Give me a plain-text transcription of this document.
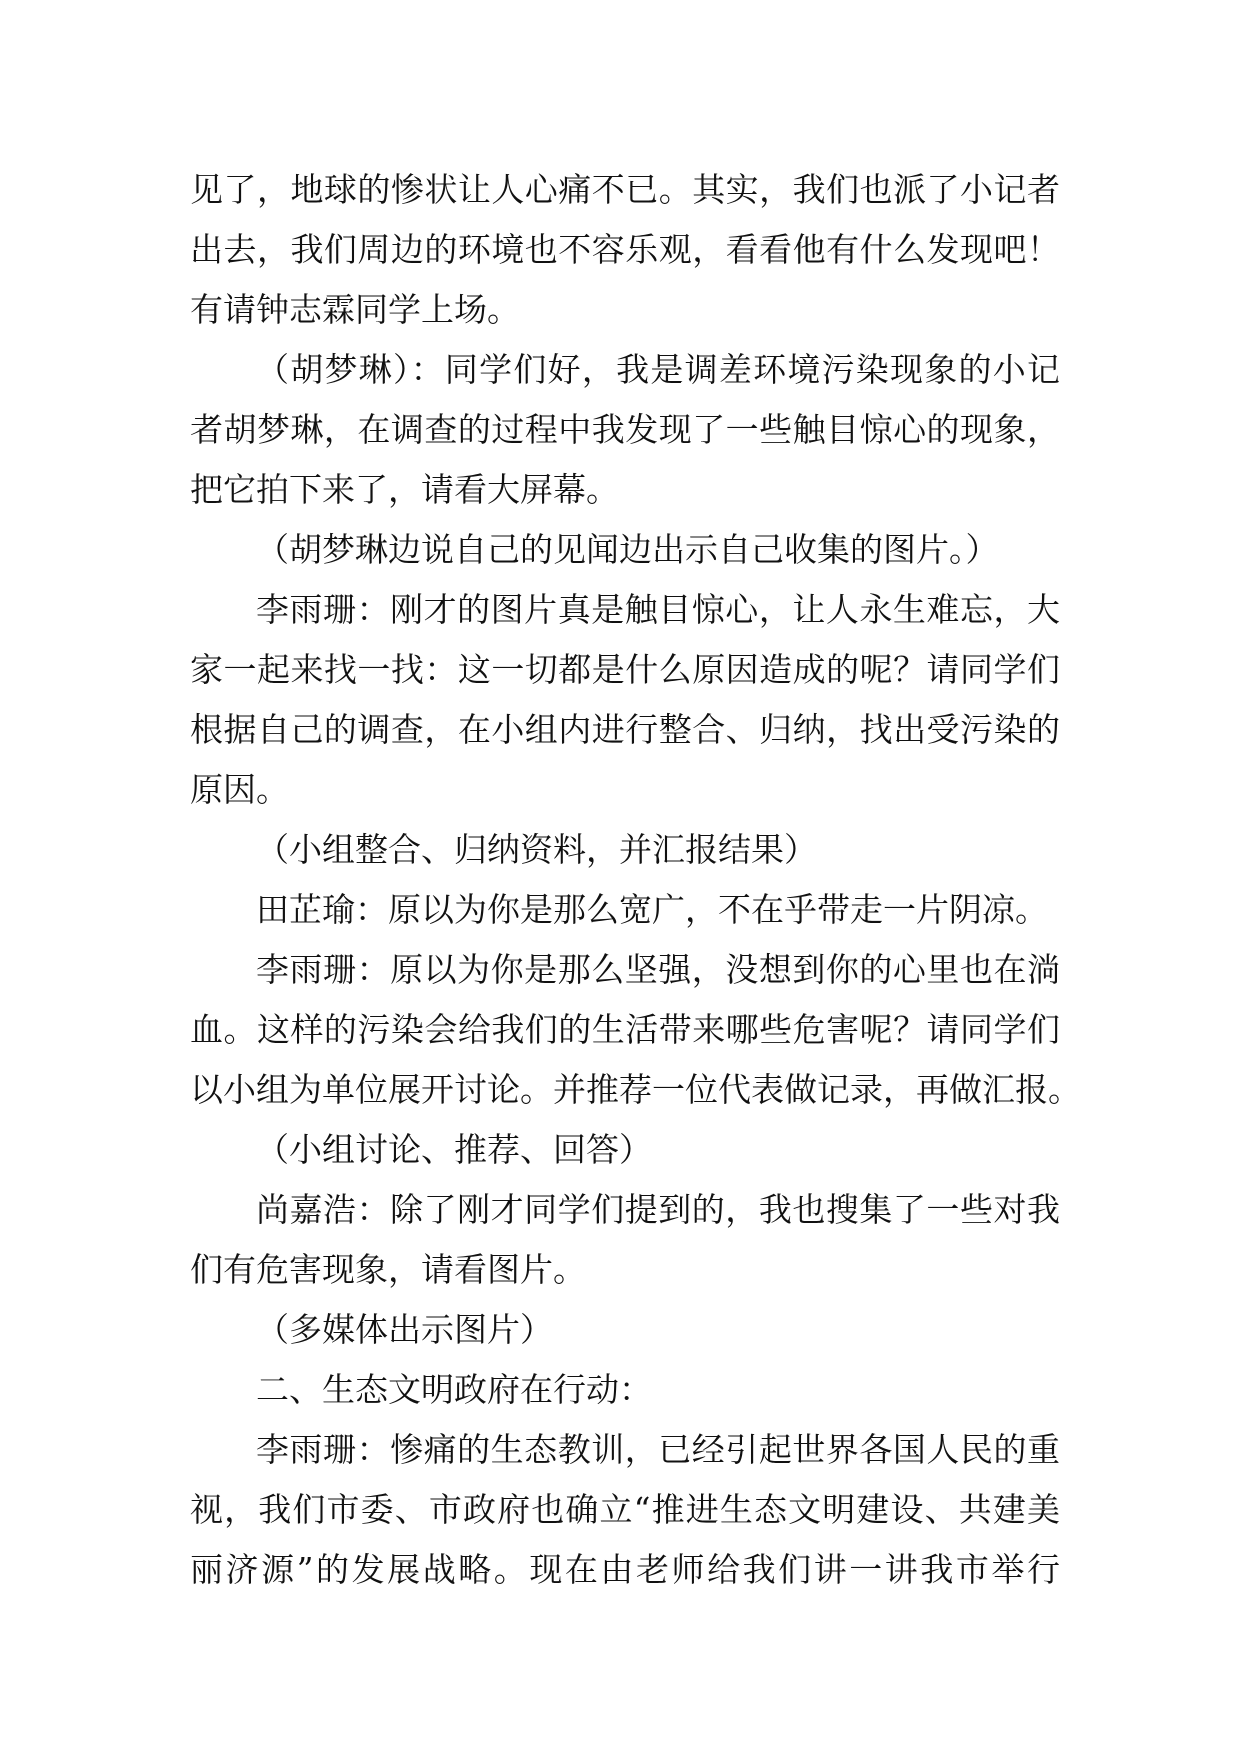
见了，地球的惨状让人心痛不已。其实，我们也派了小记者
出去，我们周边的环境也不容乐观，看看他有什么发现吧！
有请钟志霖同学上场。
（胡梦琳）：同学们好，我是调差环境污染现象的小记
者胡梦琳，在调查的过程中我发现了一些触目惊心的现象，
把它拍下来了，请看大屏幕。
（胡梦琳边说自己的见闻边出示自己收集的图片。）
李雨珊：刚才的图片真是触目惊心，让人永生难忘，大
家一起来找一找：这一切都是什么原因造成的呢？请同学们
根据自己的调查，在小组内进行整合、归纳，找出受污染的
原因。
（小组整合、归纳资料，并汇报结果）
田芷瑜：原以为你是那么宽广，不在乎带走一片阴凉。
李雨珊：原以为你是那么坚强，没想到你的心里也在淌
血。这样的污染会给我们的生活带来哪些危害呢？请同学们
以小组为单位展开讨论。并推荐一位代表做记录，再做汇报。
（小组讨论、推荐、回答）
尚嘉浩：除了刚才同学们提到的，我也搜集了一些对我
们有危害现象，请看图片。
（多媒体出示图片）
二、生态文明政府在行动：
李雨珊：惨痛的生态教训，已经引起世界各国人民的重
视，我们市委、市政府也确立“推进生态文明建设、共建美
丽济源”的发展战略。现在由老师给我们讲一讲我市举行
